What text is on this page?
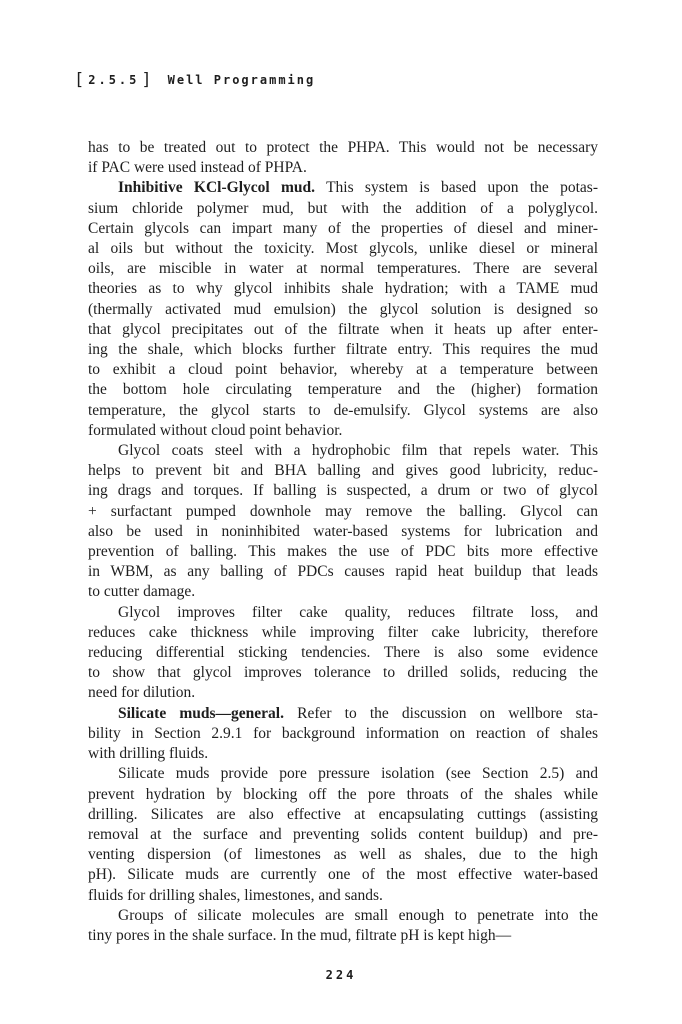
[ 2.5.5 ] Well Programming
has to be treated out to protect the PHPA. This would not be necessary
if PAC were used instead of PHPA.
Inhibitive KCl-Glycol mud. This system is based upon the potas-
sium chloride polymer mud, but with the addition of a polyglycol.
Certain glycols can impart many of the properties of diesel and miner-
al oils but without the toxicity. Most glycols, unlike diesel or mineral
oils, are miscible in water at normal temperatures. There are several
theories as to why glycol inhibits shale hydration; with a TAME mud
(thermally activated mud emulsion) the glycol solution is designed so
that glycol precipitates out of the filtrate when it heats up after enter-
ing the shale, which blocks further filtrate entry. This requires the mud
to exhibit a cloud point behavior, whereby at a temperature between
the bottom hole circulating temperature and the (higher) formation
temperature, the glycol starts to de-emulsify. Glycol systems are also
formulated without cloud point behavior.
Glycol coats steel with a hydrophobic film that repels water. This
helps to prevent bit and BHA balling and gives good lubricity, reduc-
ing drags and torques. If balling is suspected, a drum or two of glycol
+ surfactant pumped downhole may remove the balling. Glycol can
also be used in noninhibited water-based systems for lubrication and
prevention of balling. This makes the use of PDC bits more effective
in WBM, as any balling of PDCs causes rapid heat buildup that leads
to cutter damage.
Glycol improves filter cake quality, reduces filtrate loss, and
reduces cake thickness while improving filter cake lubricity, therefore
reducing differential sticking tendencies. There is also some evidence
to show that glycol improves tolerance to drilled solids, reducing the
need for dilution.
Silicate muds—general. Refer to the discussion on wellbore sta-
bility in Section 2.9.1 for background information on reaction of shales
with drilling fluids.
Silicate muds provide pore pressure isolation (see Section 2.5) and
prevent hydration by blocking off the pore throats of the shales while
drilling. Silicates are also effective at encapsulating cuttings (assisting
removal at the surface and preventing solids content buildup) and pre-
venting dispersion (of limestones as well as shales, due to the high
pH). Silicate muds are currently one of the most effective water-based
fluids for drilling shales, limestones, and sands.
Groups of silicate molecules are small enough to penetrate into the
tiny pores in the shale surface. In the mud, filtrate pH is kept high—
224
